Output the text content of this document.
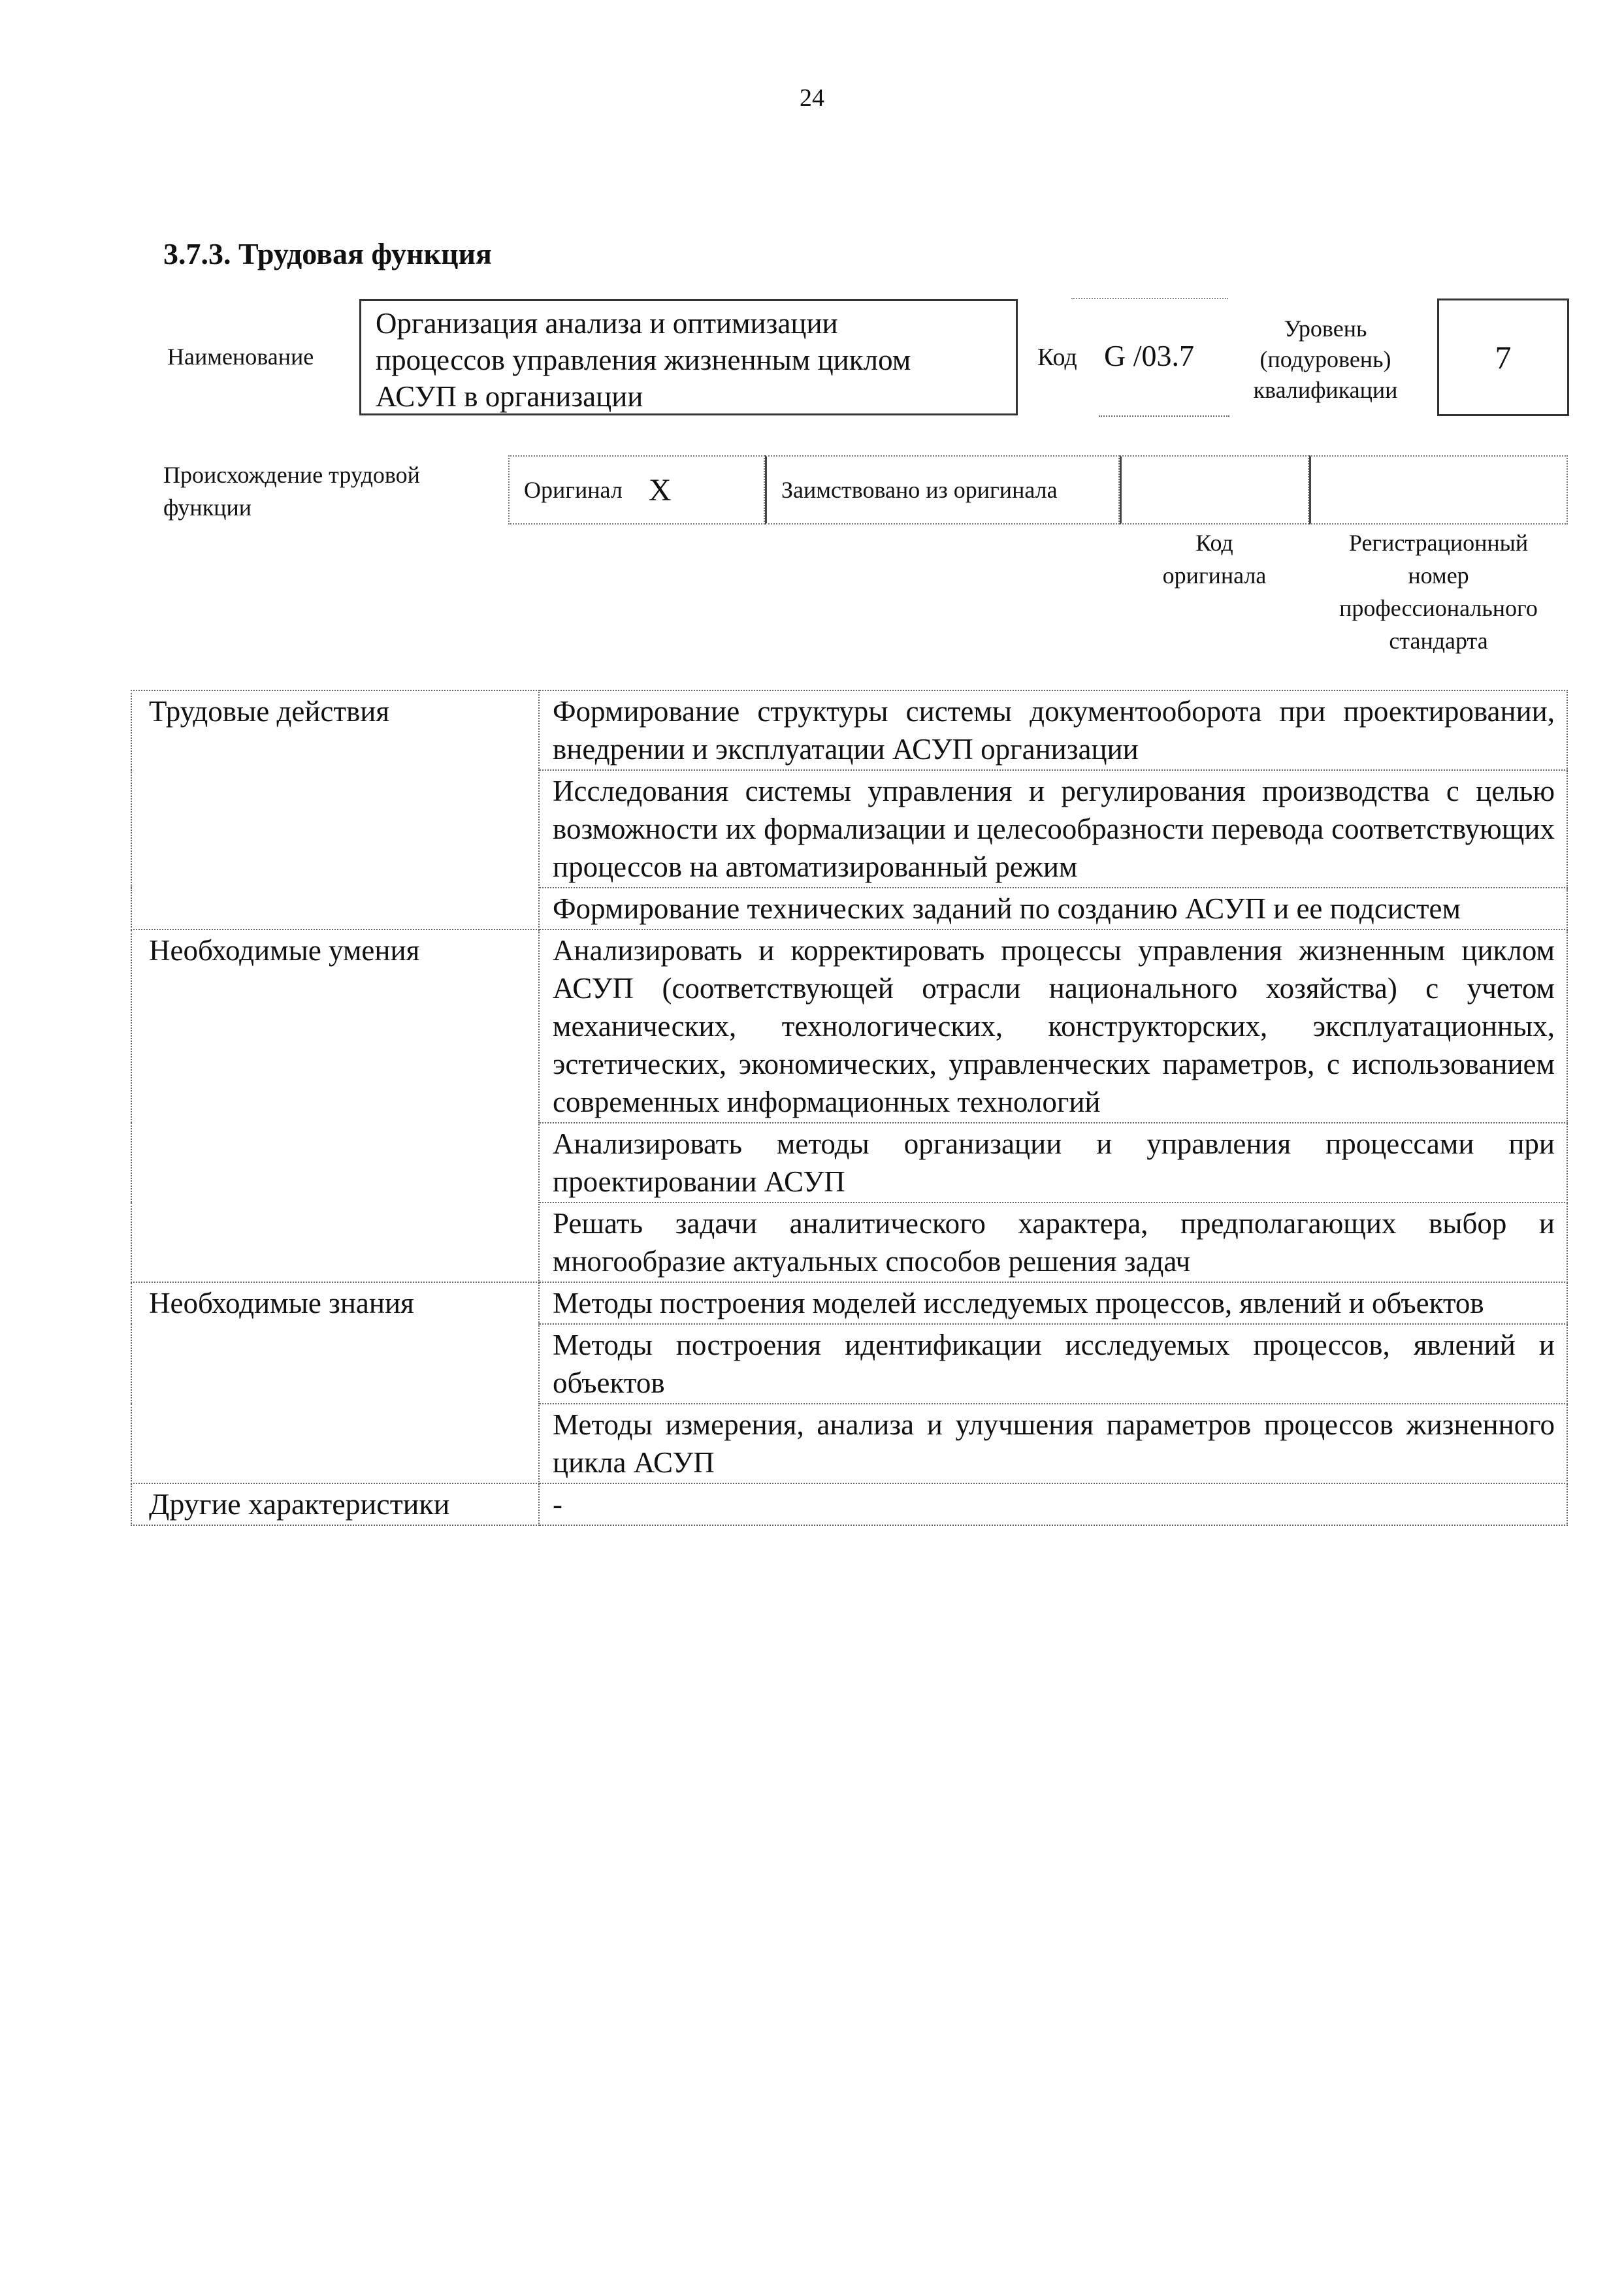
24
3.7.3. Трудовая функция
Наименование
Организация анализа и оптимизации
процессов управления жизненным циклом
АСУП в организации
Код G /03.7
Уровень
(подуровень)
квалификации
7
Происхождение трудовой
функции
Оригинал X	Заимствовано из оригинала
Код
оригинала
Регистрационный
номер
профессионального
стандарта
Трудовые действия	Формирование структуры системы документооборота при проектировании, внедрении и эксплуатации АСУП организации
	Исследования системы управления и регулирования производства с целью возможности их формализации и целесообразности перевода соответствующих процессов на автоматизированный режим
	Формирование технических заданий по созданию АСУП и ее подсистем
Необходимые умения	Анализировать и корректировать процессы управления жизненным циклом АСУП (соответствующей отрасли национального хозяйства) с учетом механических, технологических, конструкторских, эксплуатационных, эстетических, экономических, управленческих параметров, с использованием современных информационных технологий
	Анализировать методы организации и управления процессами при проектировании АСУП
	Решать задачи аналитического характера, предполагающих выбор и многообразие актуальных способов решения задач
Необходимые знания	Методы построения моделей исследуемых процессов, явлений и объектов
	Методы построения идентификации исследуемых процессов, явлений и объектов
	Методы измерения, анализа и улучшения параметров процессов жизненного цикла АСУП
Другие характеристики	-
